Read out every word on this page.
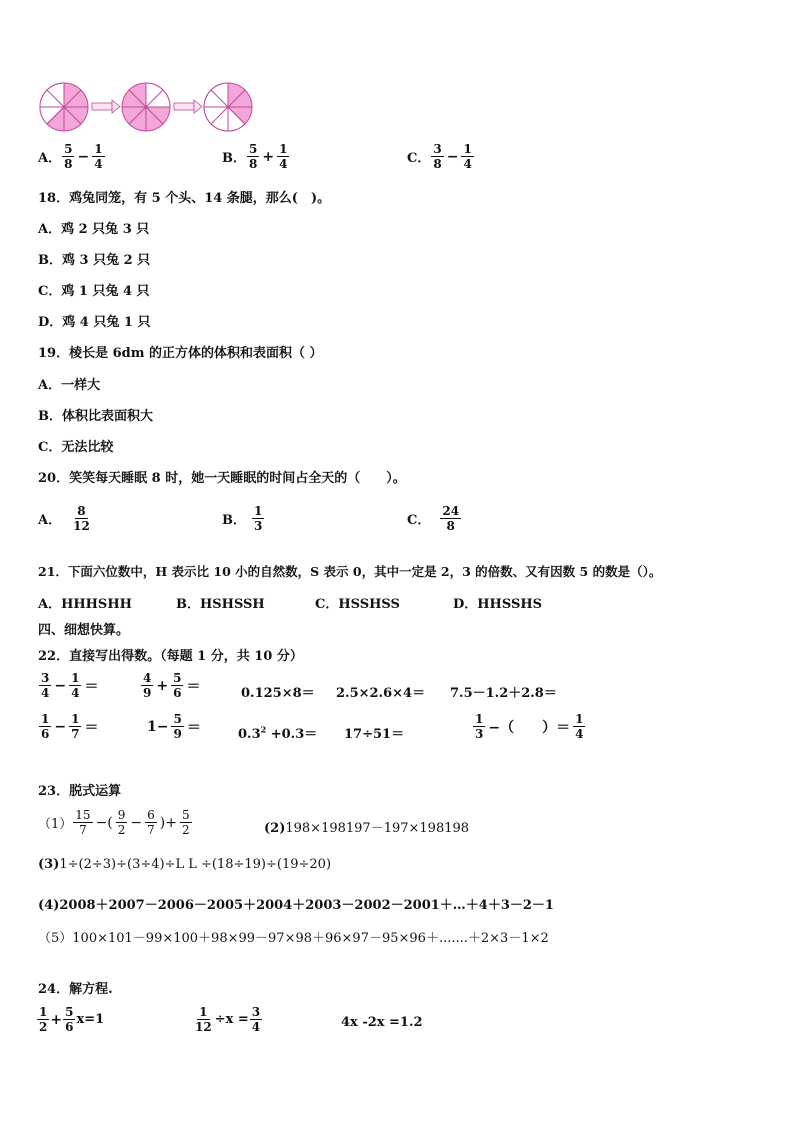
A． $\frac{5}{8} - \frac{1}{4}$	B． $\frac{5}{8} + \frac{1}{4}$	C． $\frac{3}{8} - \frac{1}{4}$
18．鸡兔同笼，有 5 个头、14 条腿，那么(　)。
A．鸡 2 只兔 3 只
B．鸡 3 只兔 2 只
C．鸡 1 只兔 4 只
D．鸡 4 只兔 1 只
19．棱长是 6dm 的正方体的体积和表面积（ ）
A．一样大
B．体积比表面积大
C．无法比较
20．笑笑每天睡眠 8 时，她一天睡眠的时间占全天的（　　）。
A． $\frac{8}{12}$	B． $\frac{1}{3}$	C． $\frac{24}{8}$
21．下面六位数中，H 表示比 10 小的自然数，S 表示 0，其中一定是 2，3 的倍数、又有因数 5 的数是（）。
A．HHHSHH	B．HSHSSH	C．HSSHSS	D．HHSSHS
四、细想快算。
22．直接写出得数。（每题 1 分，共 10 分）
$\frac{3}{4} - \frac{1}{4}$ ＝	$\frac{4}{9} + \frac{5}{6}$ ＝	0.125×8＝ 2.5×2.6×4＝ 7.5－1.2＋2.8＝
$\frac{1}{6} - \frac{1}{7}$ ＝	$1- \frac{5}{9}$ ＝	$0.3^2 +0.3= 17\div 51=$	$\frac{1}{3}$ −（　　）＝ $\frac{1}{4}$
23．脱式运算
$(1) \frac{15}{7}$ −( $\frac{9}{2} - \frac{6}{7}$ )+ $\frac{5}{2}$	(2)198×198197－197×198198
(3)1÷(2÷3)÷(3÷4)÷L L ÷(18÷19)÷(19÷20)
(4)2008＋2007－2006－2005＋2004＋2003－2002－2001＋…＋4＋3－2－1
（5）100×101－99×100＋98×99－97×98＋96×97－95×96＋.......＋2×3－1×2
24．解方程.
$\frac{1}{2} + \frac{5}{6} x=1$	$\frac{1}{12} \div x = \frac{3}{4}$	4x -2x =1.2
